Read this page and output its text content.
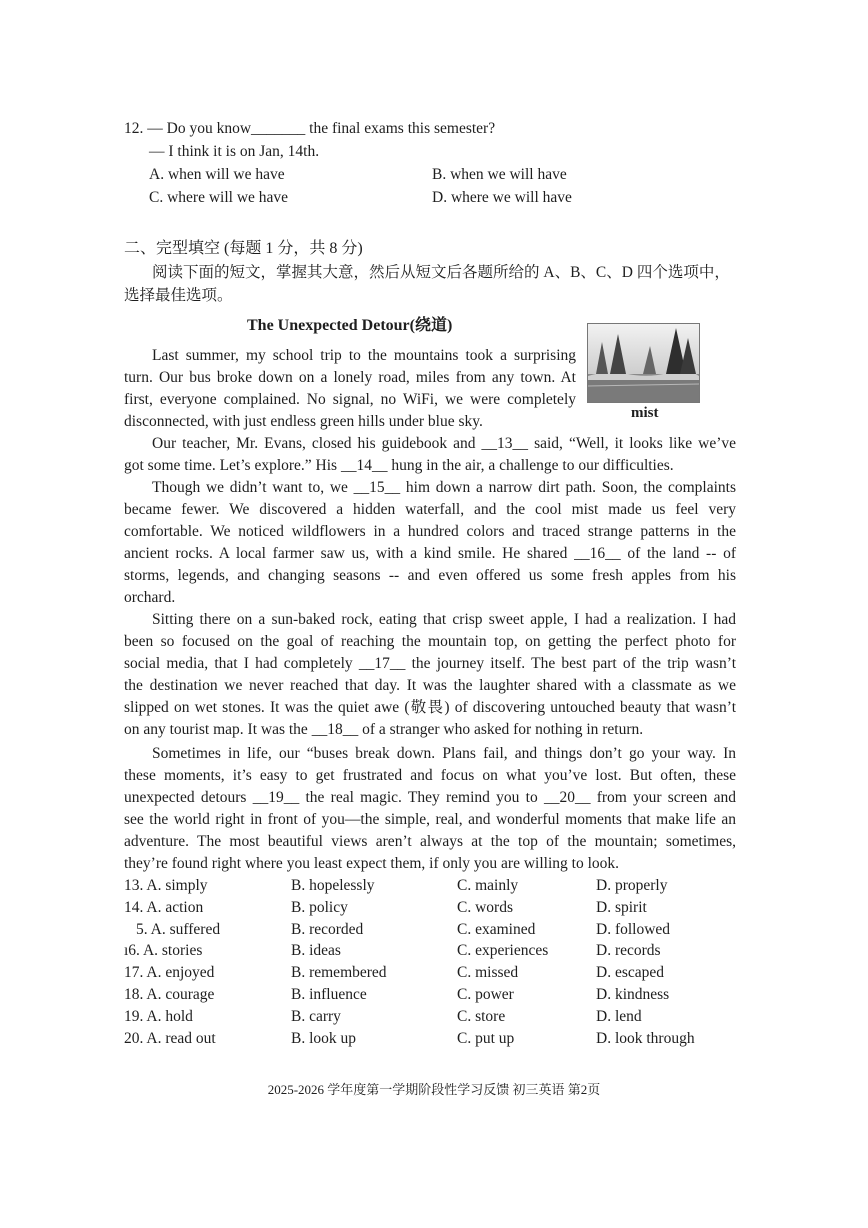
12. — Do you know_______ the final exams this semester?
— I think it is on Jan, 14th.
A. when will we have	B. when we will have
C. where will we have	D. where we will have
二、完型填空 (每题 1 分，共 8 分)
阅读下面的短文，掌握其大意，然后从短文后各题所给的 A、B、C、D 四个选项中，
选择最佳选项。
The Unexpected Detour(绕道)
mist
Last summer, my school trip to the mountains took a surprising
turn. Our bus broke down on a lonely road, miles from any town. At
first, everyone complained. No signal, no WiFi, we were completely
disconnected, with just endless green hills under blue sky.
Our teacher, Mr. Evans, closed his guidebook and __13__ said, “Well, it looks like we’ve
got some time. Let’s explore.” His __14__ hung in the air, a challenge to our difficulties.
Though we didn’t want to, we __15__ him down a narrow dirt path. Soon, the complaints
became fewer. We discovered a hidden waterfall, and the cool mist made us feel very
comfortable. We noticed wildflowers in a hundred colors and traced strange patterns in the
ancient rocks. A local farmer saw us, with a kind smile. He shared __16__ of the land -- of
storms, legends, and changing seasons -- and even offered us some fresh apples from his
orchard.
Sitting there on a sun-baked rock, eating that crisp sweet apple, I had a realization. I had
been so focused on the goal of reaching the mountain top, on getting the perfect photo for
social media, that I had completely __17__ the journey itself. The best part of the trip wasn’t
the destination we never reached that day. It was the laughter shared with a classmate as we
slipped on wet stones. It was the quiet awe (敬畏) of discovering untouched beauty that wasn’t
on any tourist map. It was the __18__ of a stranger who asked for nothing in return.
Sometimes in life, our “buses break down. Plans fail, and things don’t go your way. In
these moments, it’s easy to get frustrated and focus on what you’ve lost. But often, these
unexpected detours __19__ the real magic. They remind you to __20__ from your screen and
see the world right in front of you—the simple, real, and wonderful moments that make life an
adventure. The most beautiful views aren’t always at the top of the mountain; sometimes,
they’re found right where you least expect them, if only you are willing to look.
13. A. simply	B. hopelessly	C. mainly	D. properly
14. A. action	B. policy	C. words	D. spirit
5. A. suffered	B. recorded	C. examined	D. followed
ı6. A. stories	B. ideas	C. experiences	D. records
17. A. enjoyed	B. remembered	C. missed	D. escaped
18. A. courage	B. influence	C. power	D. kindness
19. A. hold	B. carry	C. store	D. lend
20. A. read out	B. look up	C. put up	D. look through
2025-2026 学年度第一学期阶段性学习反馈 初三英语 第2页
